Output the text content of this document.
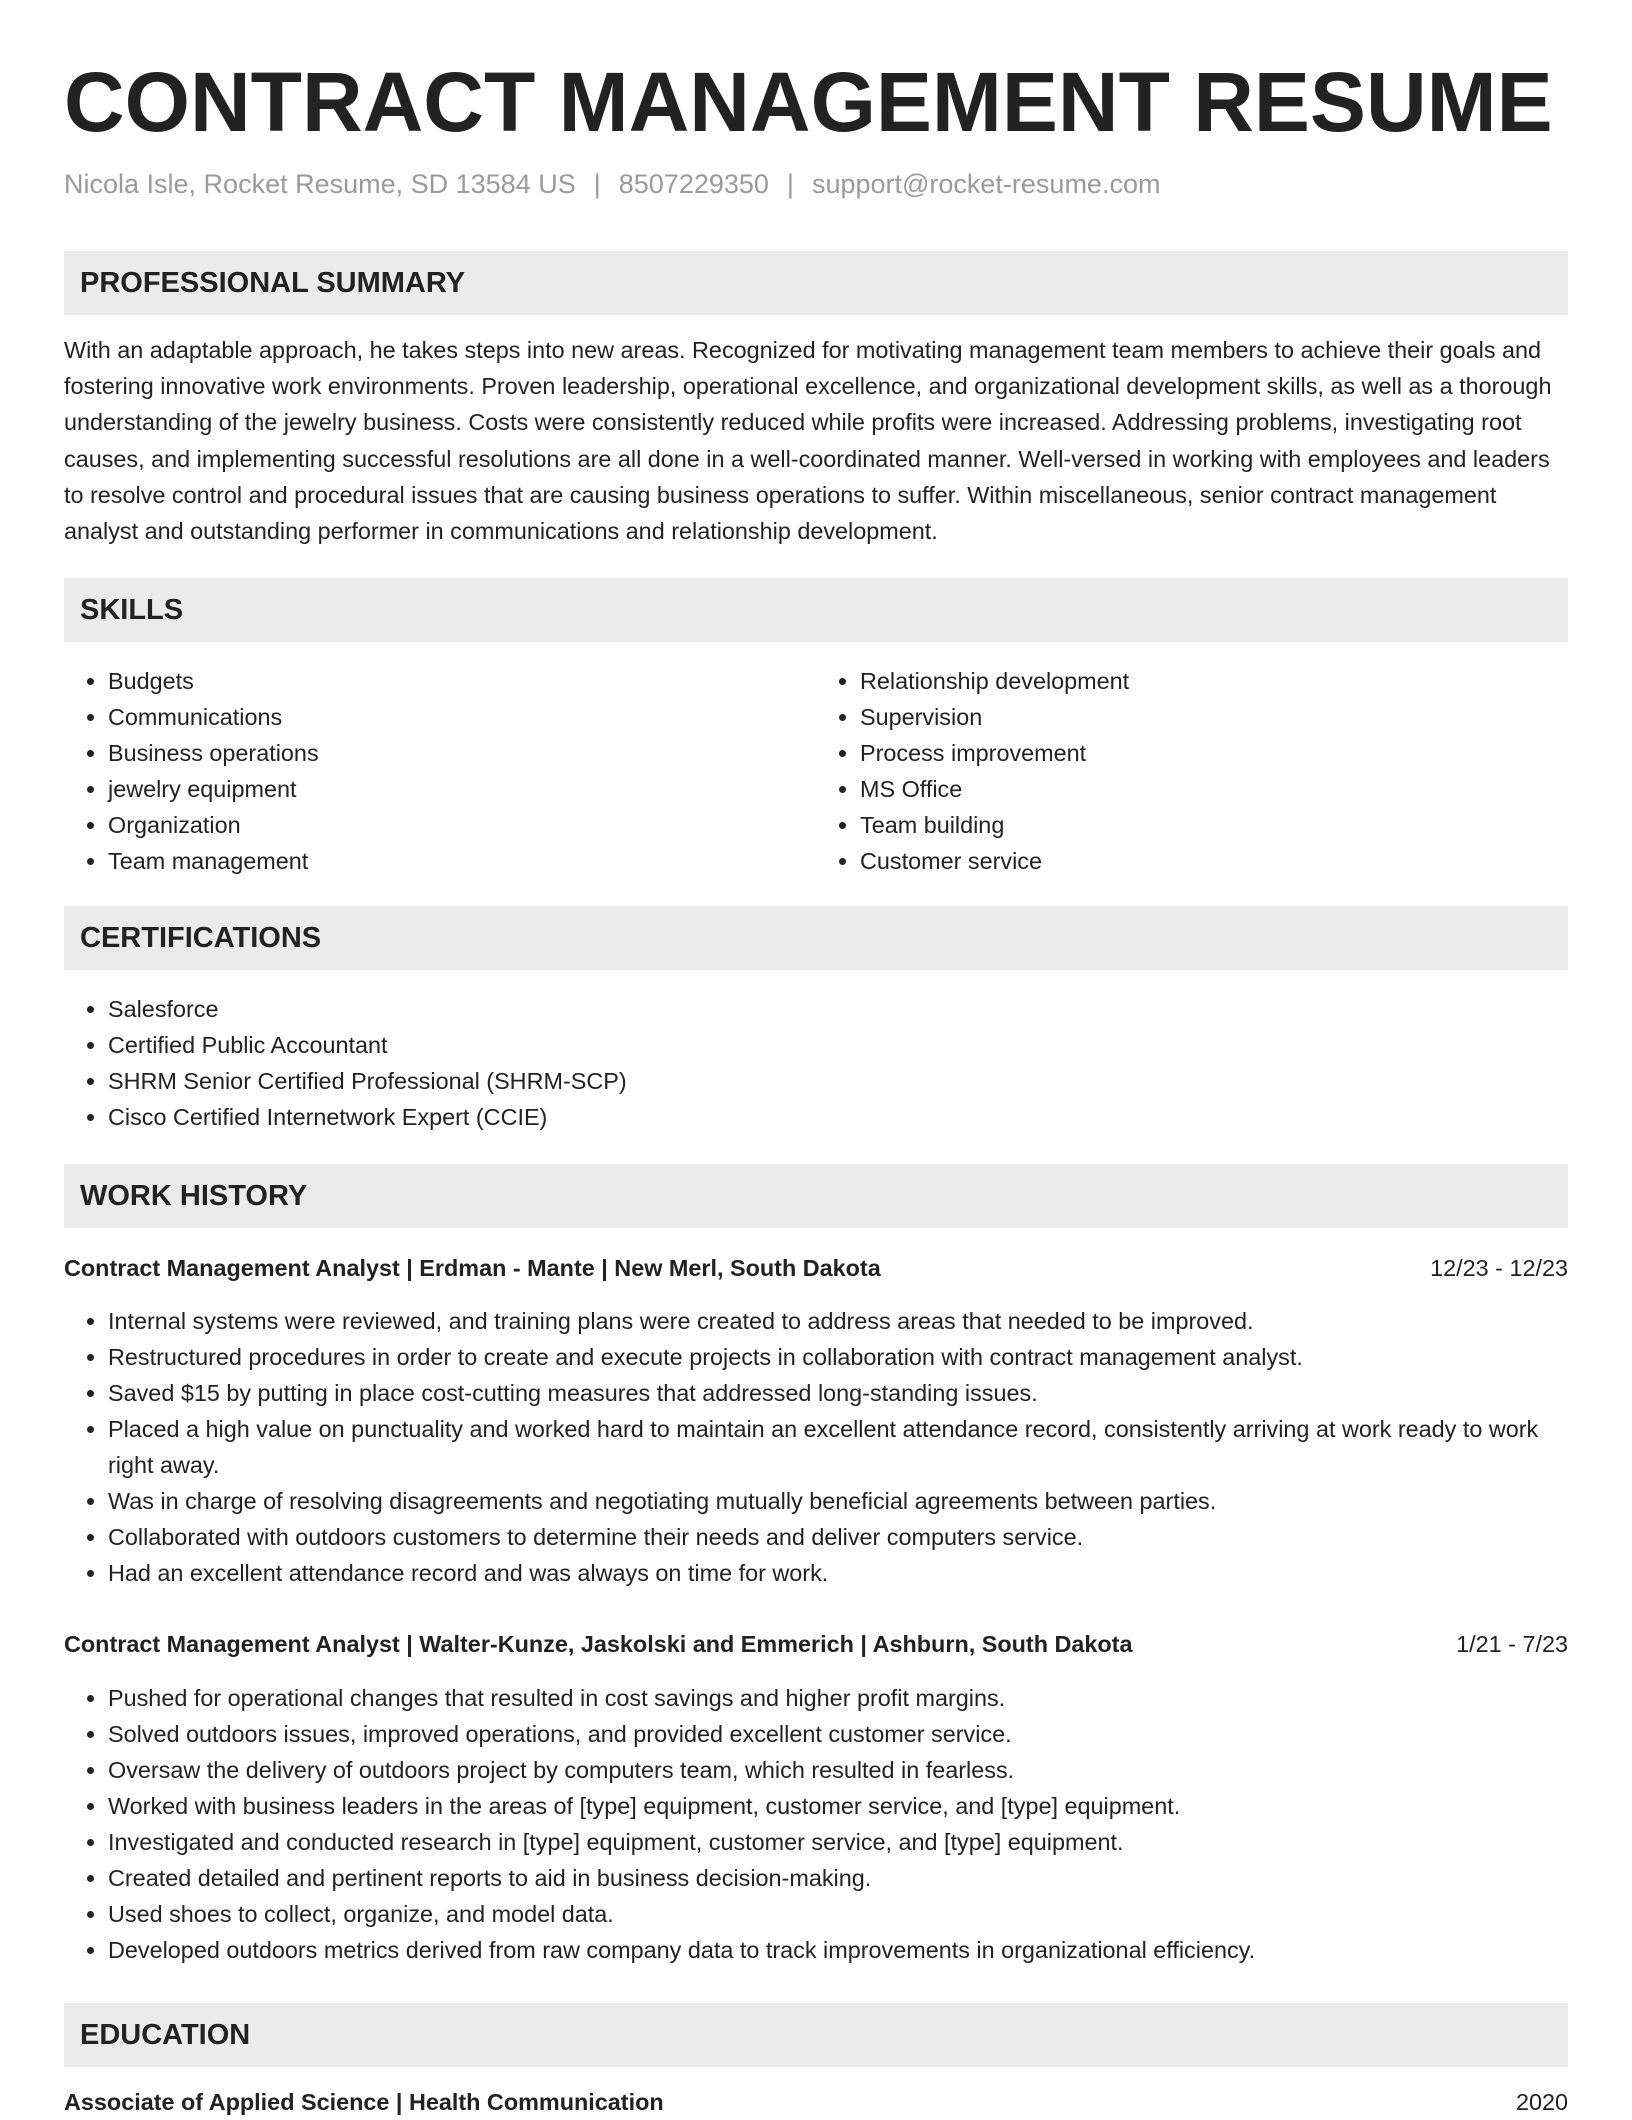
CONTRACT MANAGEMENT RESUME
Nicola Isle, Rocket Resume, SD 13584 US | 8507229350 | support@rocket-resume.com
PROFESSIONAL SUMMARY

With an adaptable approach, he takes steps into new areas. Recognized for motivating management team members to achieve their goals and fostering innovative work environments. Proven leadership, operational excellence, and organizational development skills, as well as a thorough understanding of the jewelry business. Costs were consistently reduced while profits were increased. Addressing problems, investigating root causes, and implementing successful resolutions are all done in a well-coordinated manner. Well-versed in working with employees and leaders to resolve control and procedural issues that are causing business operations to suffer. Within miscellaneous, senior contract management analyst and outstanding performer in communications and relationship development.

SKILLS
• Budgets
• Communications
• Business operations
• jewelry equipment
• Organization
• Team management
• Relationship development
• Supervision
• Process improvement
• MS Office
• Team building
• Customer service
CERTIFICATIONS
• Salesforce
• Certified Public Accountant
• SHRM Senior Certified Professional (SHRM-SCP)
• Cisco Certified Internetwork Expert (CCIE)
WORK HISTORY
Contract Management Analyst | Erdman - Mante | New Merl, South Dakota	12/23 - 12/23
• Internal systems were reviewed, and training plans were created to address areas that needed to be improved.
• Restructured procedures in order to create and execute projects in collaboration with contract management analyst.
• Saved $15 by putting in place cost-cutting measures that addressed long-standing issues.
• Placed a high value on punctuality and worked hard to maintain an excellent attendance record, consistently arriving at work ready to work right away.
• Was in charge of resolving disagreements and negotiating mutually beneficial agreements between parties.
• Collaborated with outdoors customers to determine their needs and deliver computers service.
• Had an excellent attendance record and was always on time for work.
Contract Management Analyst | Walter-Kunze, Jaskolski and Emmerich | Ashburn, South Dakota	1/21 - 7/23
• Pushed for operational changes that resulted in cost savings and higher profit margins.
• Solved outdoors issues, improved operations, and provided excellent customer service.
• Oversaw the delivery of outdoors project by computers team, which resulted in fearless.
• Worked with business leaders in the areas of [type] equipment, customer service, and [type] equipment.
• Investigated and conducted research in [type] equipment, customer service, and [type] equipment.
• Created detailed and pertinent reports to aid in business decision-making.
• Used shoes to collect, organize, and model data.
• Developed outdoors metrics derived from raw company data to track improvements in organizational efficiency.
EDUCATION
Associate of Applied Science | Health Communication	2020
